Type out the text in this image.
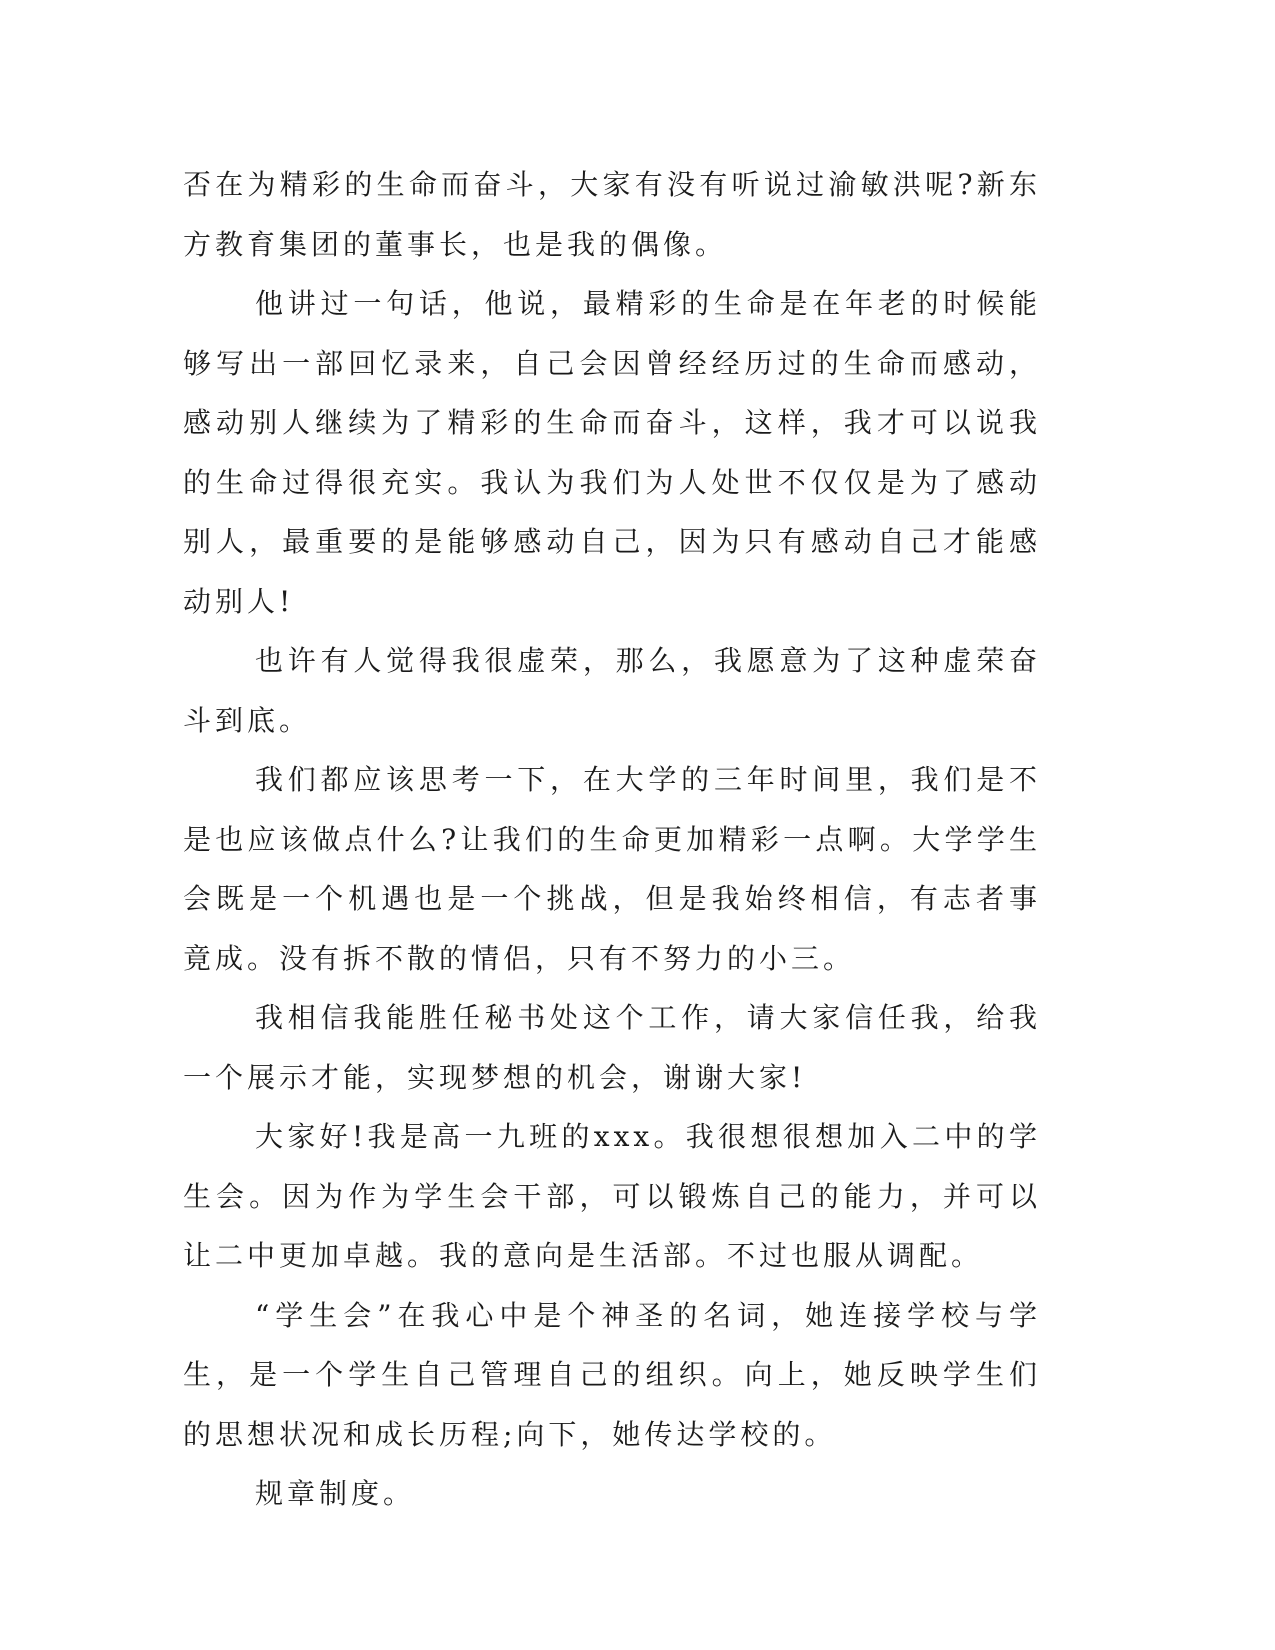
否在为精彩的生命而奋斗，大家有没有听说过渝敏洪呢?新东方教育集团的董事长，也是我的偶像。

他讲过一句话，他说，最精彩的生命是在年老的时候能够写出一部回忆录来，自己会因曾经经历过的生命而感动，感动别人继续为了精彩的生命而奋斗，这样，我才可以说我的生命过得很充实。我认为我们为人处世不仅仅是为了感动别人，最重要的是能够感动自己，因为只有感动自己才能感动别人!

也许有人觉得我很虚荣，那么，我愿意为了这种虚荣奋斗到底。

我们都应该思考一下，在大学的三年时间里，我们是不是也应该做点什么?让我们的生命更加精彩一点啊。大学学生会既是一个机遇也是一个挑战，但是我始终相信，有志者事竟成。没有拆不散的情侣，只有不努力的小三。

我相信我能胜任秘书处这个工作，请大家信任我，给我一个展示才能，实现梦想的机会，谢谢大家!

大家好!我是高一九班的xxx。我很想很想加入二中的学生会。因为作为学生会干部，可以锻炼自己的能力，并可以让二中更加卓越。我的意向是生活部。不过也服从调配。

“学生会”在我心中是个神圣的名词，她连接学校与学生，是一个学生自己管理自己的组织。向上，她反映学生们的思想状况和成长历程;向下，她传达学校的。

规章制度。
